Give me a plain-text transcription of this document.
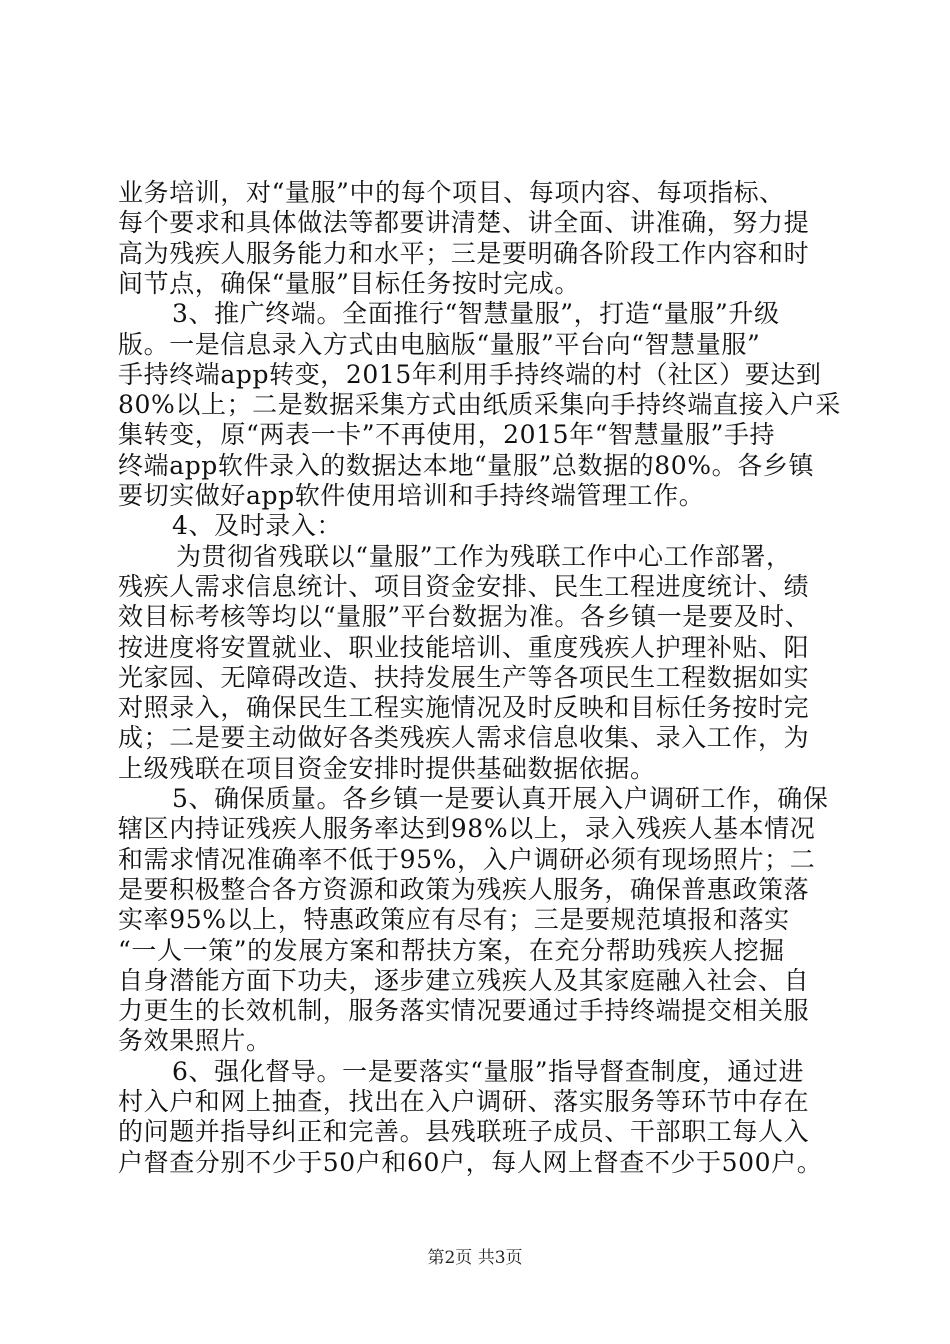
业务培训，对“量服”中的每个项目、每项内容、每项指标、
每个要求和具体做法等都要讲清楚、讲全面、讲准确，努力提
高为残疾人服务能力和水平；三是要明确各阶段工作内容和时
间节点，确保“量服”目标任务按时完成。
3、推广终端。全面推行“智慧量服”，打造“量服”升级
版。一是信息录入方式由电脑版“量服”平台向“智慧量服”
手持终端app转变，2015年利用手持终端的村（社区）要达到
80%以上；二是数据采集方式由纸质采集向手持终端直接入户采
集转变，原“两表一卡”不再使用，2015年“智慧量服”手持
终端app软件录入的数据达本地“量服”总数据的80%。各乡镇
要切实做好app软件使用培训和手持终端管理工作。
4、及时录入：
为贯彻省残联以“量服”工作为残联工作中心工作部署，
残疾人需求信息统计、项目资金安排、民生工程进度统计、绩
效目标考核等均以“量服”平台数据为准。各乡镇一是要及时、
按进度将安置就业、职业技能培训、重度残疾人护理补贴、阳
光家园、无障碍改造、扶持发展生产等各项民生工程数据如实
对照录入，确保民生工程实施情况及时反映和目标任务按时完
成；二是要主动做好各类残疾人需求信息收集、录入工作，为
上级残联在项目资金安排时提供基础数据依据。
5、确保质量。各乡镇一是要认真开展入户调研工作，确保
辖区内持证残疾人服务率达到98%以上，录入残疾人基本情况
和需求情况准确率不低于95%，入户调研必须有现场照片；二
是要积极整合各方资源和政策为残疾人服务，确保普惠政策落
实率95%以上，特惠政策应有尽有；三是要规范填报和落实
“一人一策”的发展方案和帮扶方案，在充分帮助残疾人挖掘
自身潜能方面下功夫，逐步建立残疾人及其家庭融入社会、自
力更生的长效机制，服务落实情况要通过手持终端提交相关服
务效果照片。
6、强化督导。一是要落实“量服”指导督查制度，通过进
村入户和网上抽查，找出在入户调研、落实服务等环节中存在
的问题并指导纠正和完善。县残联班子成员、干部职工每人入
户督查分别不少于50户和60户，每人网上督查不少于500户。
第2页 共3页
